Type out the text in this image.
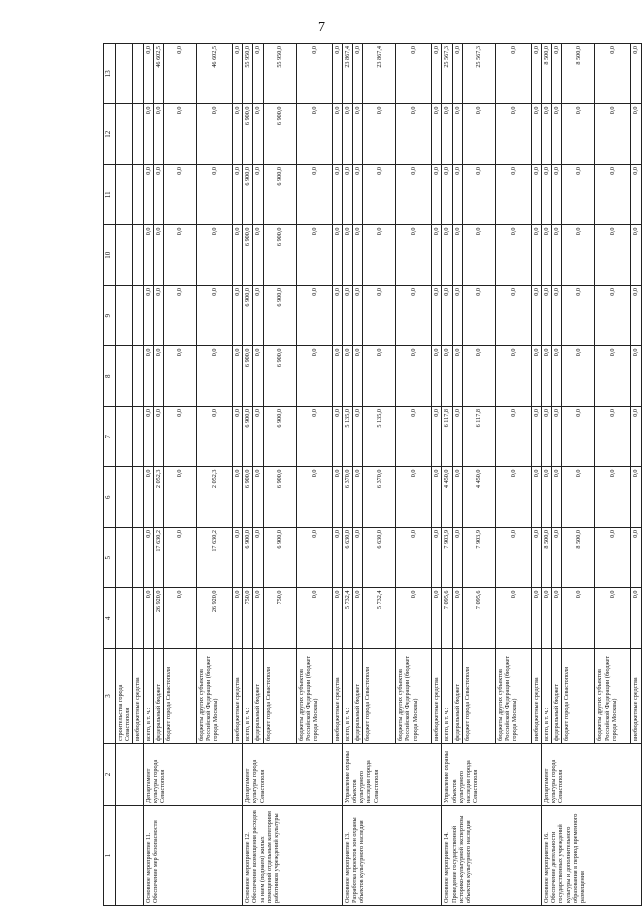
7
1	2	3	4	5	6	7	8	9	10	11	12	13
		строительства города Севастополя										
		внебюджетные средства										
Основное мероприятие 11. Обеспечение мер безопасности	Департамент культуры города Севастополя	всего, в т. ч.:	0,0	0,0	0,0	0,0	0,0	0,0	0,0	0,0	0,0	0,0
		федеральный бюджет	26 920,0	17 630,2	2 052,3	0,0	0,0	0,0	0,0	0,0	0,0	46 602,5
		бюджет города Севастополя	0,0	0,0	0,0	0,0	0,0	0,0	0,0	0,0	0,0	0,0
		бюджеты других субъектов Российской Федерации (бюджет города Москвы)	26 920,0	17 630,2	2 052,3	0,0	0,0	0,0	0,0	0,0	0,0	46 602,5
		внебюджетные средства	0,0	0,0	0,0	0,0	0,0	0,0	0,0	0,0	0,0	0,0
Основное мероприятие 12. Обеспечение возмещения расходов за наем (поднаем) жилых помещений отдельным категориям работников учреждений культуры	Департамент культуры города Севастополя	всего, в т. ч.:	750,0	6 900,0	6 900,0	6 900,0	6 900,0	6 900,0	6 900,0	6 900,0	6 900,0	55 950,0
		федеральный бюджет	0,0	0,0	0,0	0,0	0,0	0,0	0,0	0,0	0,0	0,0
		бюджет города Севастополя	750,0	6 900,0	6 900,0	6 900,0	6 900,0	6 900,0	6 900,0	6 900,0	6 900,0	55 950,0
		бюджеты других субъектов Российской Федерации (бюджет города Москвы)	0,0	0,0	0,0	0,0	0,0	0,0	0,0	0,0	0,0	0,0
		внебюджетные средства	0,0	0,0	0,0	0,0	0,0	0,0	0,0	0,0	0,0	0,0
Основное мероприятие 13. Разработка проектов зон охраны объектов культурного наследия	Управление охраны объектов культурного наследия города Севастополя	всего, в т. ч.:	5 732,4	6 630,0	6 370,0	5 135,0	0,0	0,0	0,0	0,0	0,0	23 867,4
		федеральный бюджет	0,0	0,0	0,0	0,0	0,0	0,0	0,0	0,0	0,0	0,0
		бюджет города Севастополя	5 732,4	6 630,0	6 370,0	5 135,0	0,0	0,0	0,0	0,0	0,0	23 867,4
		бюджеты других субъектов Российской Федерации (бюджет города Москвы)	0,0	0,0	0,0	0,0	0,0	0,0	0,0	0,0	0,0	0,0
		внебюджетные средства	0,0	0,0	0,0	0,0	0,0	0,0	0,0	0,0	0,0	0,0
Основное мероприятие 14. Проведение государственной историко-культурной экспертизы объектов культурного наследия	Управление охраны объектов культурного наследия города Севастополя	всего, в т. ч.:	7 095,6	7 903,9	4 450,0	6 117,8	0,0	0,0	0,0	0,0	0,0	25 567,3
		федеральный бюджет	0,0	0,0	0,0	0,0	0,0	0,0	0,0	0,0	0,0	0,0
		бюджет города Севастополя	7 095,6	7 903,9	4 450,0	6 117,8	0,0	0,0	0,0	0,0	0,0	25 567,3
		бюджеты других субъектов Российской Федерации (бюджет города Москвы)	0,0	0,0	0,0	0,0	0,0	0,0	0,0	0,0	0,0	0,0
		внебюджетные средства	0,0	0,0	0,0	0,0	0,0	0,0	0,0	0,0	0,0	0,0
Основное мероприятие 16. Обеспечение деятельности государственных учреждений культуры и дополнительного образования в период временного размещения	Департамент культуры города Севастополя	всего, в т. ч.:	0,0	8 500,0	0,0	0,0	0,0	0,0	0,0	0,0	0,0	8 500,0
		федеральный бюджет	0,0	0,0	0,0	0,0	0,0	0,0	0,0	0,0	0,0	0,0
		бюджет города Севастополя	0,0	8 500,0	0,0	0,0	0,0	0,0	0,0	0,0	0,0	8 500,0
		бюджеты других субъектов Российской Федерации (бюджет города Москвы)	0,0	0,0	0,0	0,0	0,0	0,0	0,0	0,0	0,0	0,0
		внебюджетные средства	0,0	0,0	0,0	0,0	0,0	0,0	0,0	0,0	0,0	0,0
